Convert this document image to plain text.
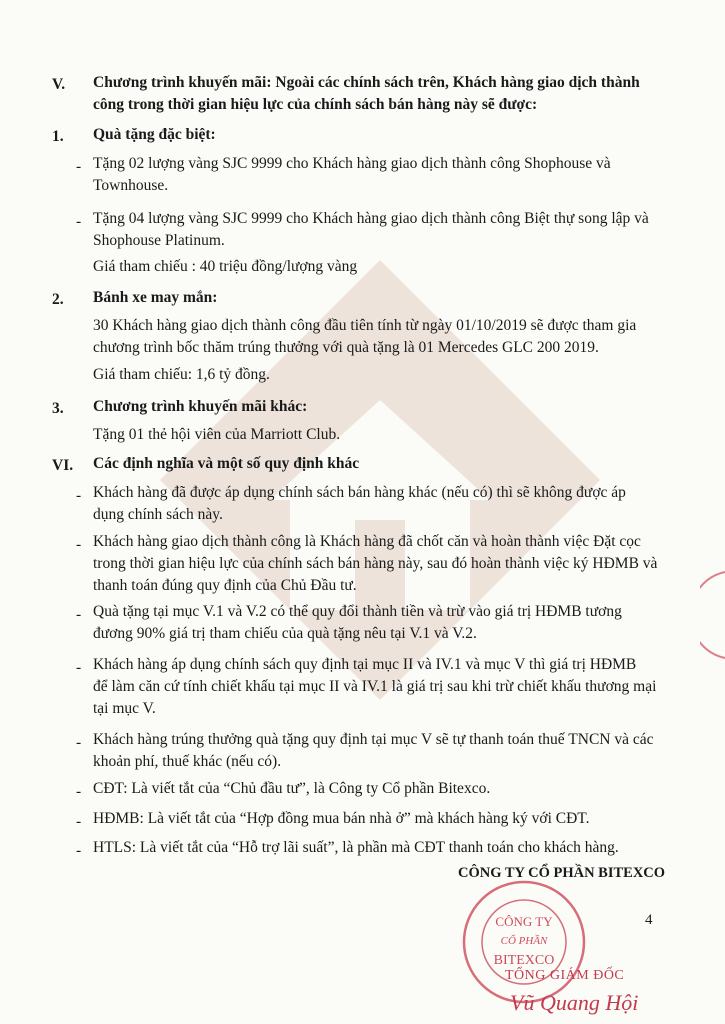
V. Chương trình khuyến mãi: Ngoài các chính sách trên, Khách hàng giao dịch thành
công trong thời gian hiệu lực của chính sách bán hàng này sẽ được:
1. Quà tặng đặc biệt:
- Tặng 02 lượng vàng SJC 9999 cho Khách hàng giao dịch thành công Shophouse và
Townhouse.
- Tặng 04 lượng vàng SJC 9999 cho Khách hàng giao dịch thành công Biệt thự song lập và
Shophouse Platinum.
Giá tham chiếu : 40 triệu đồng/lượng vàng
2. Bánh xe may mắn:
30 Khách hàng giao dịch thành công đầu tiên tính từ ngày 01/10/2019 sẽ được tham gia
chương trình bốc thăm trúng thưởng với quà tặng là 01 Mercedes GLC 200 2019.
Giá tham chiếu: 1,6 tỷ đồng.
3. Chương trình khuyến mãi khác:
Tặng 01 thẻ hội viên của Marriott Club.
VI. Các định nghĩa và một số quy định khác
- Khách hàng đã được áp dụng chính sách bán hàng khác (nếu có) thì sẽ không được áp
dụng chính sách này.
- Khách hàng giao dịch thành công là Khách hàng đã chốt căn và hoàn thành việc Đặt cọc
trong thời gian hiệu lực của chính sách bán hàng này, sau đó hoàn thành việc ký HĐMB và
thanh toán đúng quy định của Chủ Đầu tư.
- Quà tặng tại mục V.1 và V.2 có thể quy đổi thành tiền và trừ vào giá trị HĐMB tương
đương 90% giá trị tham chiếu của quà tặng nêu tại V.1 và V.2.
- Khách hàng áp dụng chính sách quy định tại mục II và IV.1 và mục V thì giá trị HĐMB
để làm căn cứ tính chiết khấu tại mục II và IV.1 là giá trị sau khi trừ chiết khấu thương mại
tại mục V.
- Khách hàng trúng thưởng quà tặng quy định tại mục V sẽ tự thanh toán thuế TNCN và các
khoản phí, thuế khác (nếu có).
- CĐT: Là viết tắt của “Chủ đầu tư”, là Công ty Cổ phần Bitexco.
- HĐMB: Là viết tắt của “Hợp đồng mua bán nhà ở” mà khách hàng ký với CĐT.
- HTLS: Là viết tắt của “Hỗ trợ lãi suất”, là phần mà CĐT thanh toán cho khách hàng.
CÔNG TY CỔ PHẦN BITEXCO
CÔNG TY
CỔ PHẦN
BITEXCO
4
TỔNG GIÁM ĐỐC
Vũ Quang Hội
